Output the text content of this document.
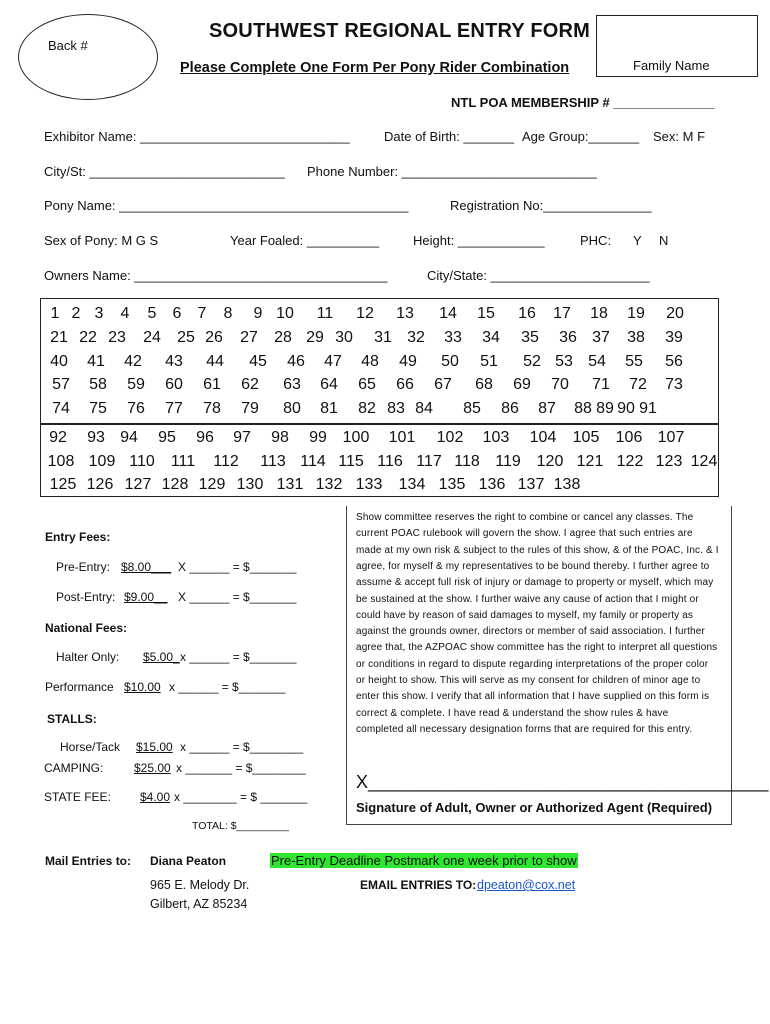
Back #
SOUTHWEST REGIONAL ENTRY FORM
Please Complete One Form Per Pony Rider Combination	Family Name
NTL POA MEMBERSHIP # ______________
Exhibitor Name: _____________________________	Date of Birth: _______ Age Group:_______ Sex: M F
City/St: ___________________________ Phone Number: ___________________________
Pony Name: ________________________________________	Registration No:_______________
Sex of Pony: M G S	Year Foaled: __________	Height: ____________	PHC: Y N
Owners Name: ___________________________________	City/State: ______________________
1 2 3 4 5 6 7 8 9 10 11 12 13 14 15 16 17 18 19 20
21 22 23 24 25 26 27 28 29 30 31 32 33 34 35 36 37 38 39
40 41 42 43 44 45 46 47 48 49 50 51 52 53 54 55 56
57 58 59 60 61 62 63 64 65 66 67 68 69 70 71 72 73
74 75 76 77 78 79 80 81 82 83 84 85 86 87 88 89 90 91
92 93 94 95 96 97 98 99 100 101 102 103 104 105 106 107
108 109 110 111 112 113 114 115 116 117 118 119 120 121 122 123 124
125 126 127 128 129 130 131 132 133 134 135 136 137 138
Entry Fees:
Pre-Entry: $8.00___ X ______ = $_______
Post-Entry: $9.00__ X ______ = $_______
National Fees:
Halter Only: $5.00_ x ______ = $_______
Performance $10.00 x ______ = $_______
STALLS:
Horse/Tack $15.00 x ______ = $________
CAMPING:	$25.00 x _______ = $________
STATE FEE: $4.00 x ________ = $ _______
TOTAL: $_________
Show committee reserves the right to combine or cancel any classes. The
current POAC rulebook will govern the show. I agree that such entries are
made at my own risk & subject to the rules of this show, & of the POAC, Inc. & I
agree, for myself & my representatives to be bound thereby. I further agree to
assume & accept full risk of injury or damage to property or myself, which may
be sustained at the show. I further waive any cause of action that I might or
could have by reason of said damages to myself, my family or property as
against the grounds owner, directors or member of said association. I further
agree that, the AZPOAC show committee has the right to interpret all questions
or conditions in regard to dispute regarding interpretations of the proper color
or height to show. This will serve as my consent for children of minor age to
enter this show. I verify that all information that I have supplied on this form is
correct & complete. I have read & understand the show rules & have
completed all necessary designation forms that are required for this entry.
X________________________________________
Signature of Adult, Owner or Authorized Agent (Required)
Mail Entries to: Diana Peaton
965 E. Melody Dr.
Gilbert, AZ 85234
Pre-Entry Deadline Postmark one week prior to show
EMAIL ENTRIES TO: dpeaton@cox.net
